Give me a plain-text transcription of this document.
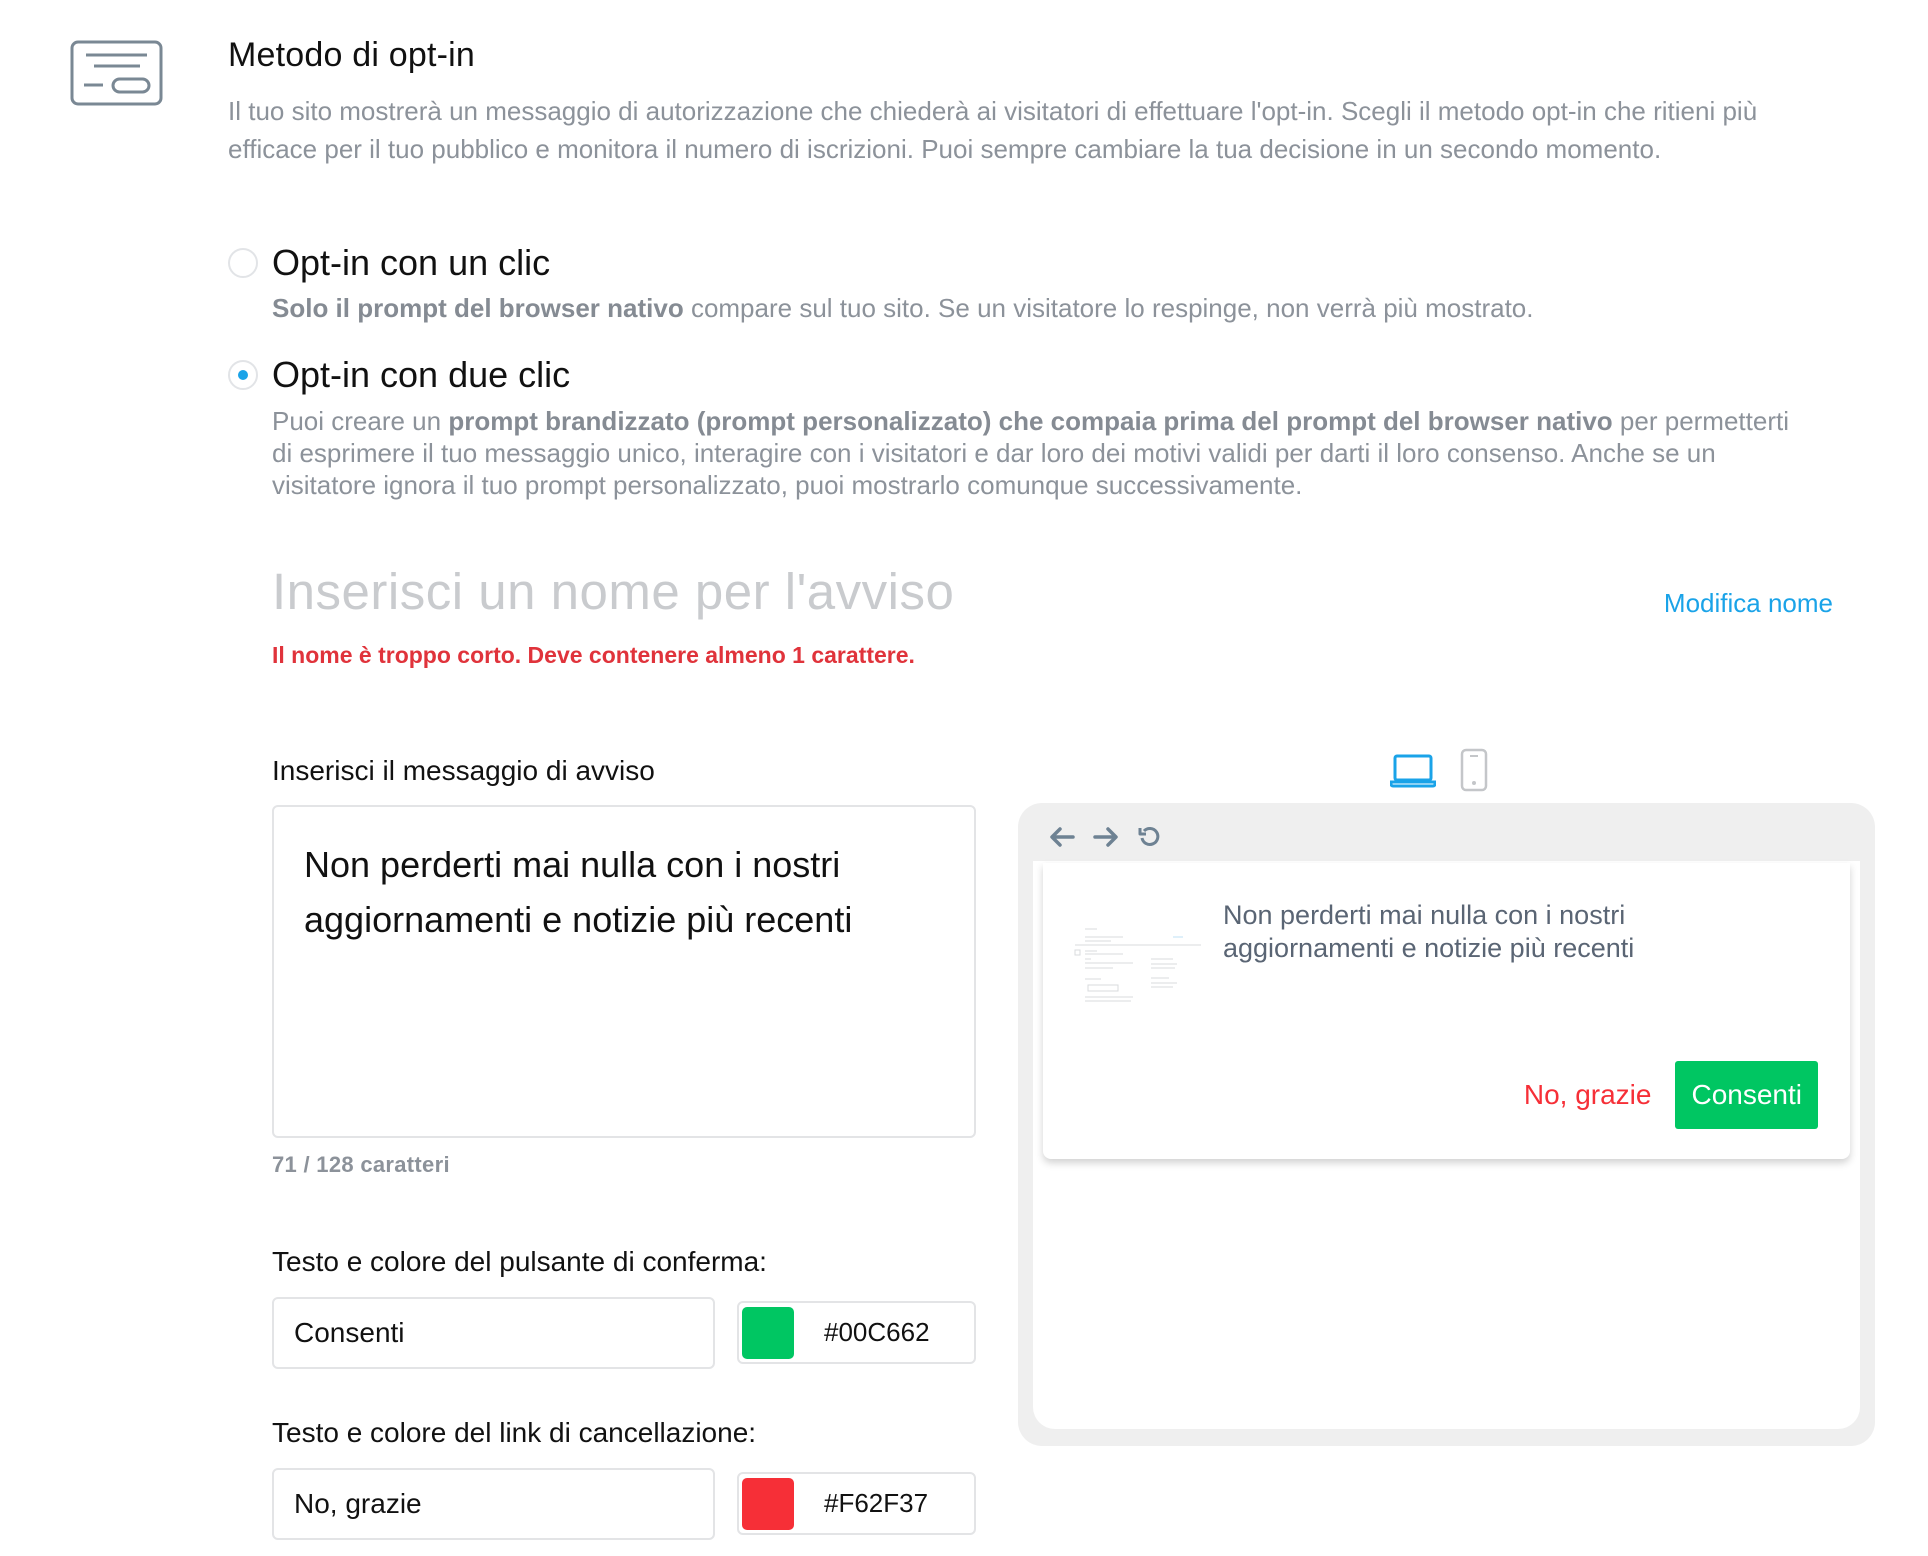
Metodo di opt-in
Il tuo sito mostrerà un messaggio di autorizzazione che chiederà ai visitatori di effettuare l'opt-in. Scegli il metodo opt-in che ritieni più efficace per il tuo pubblico e monitora il numero di iscrizioni. Puoi sempre cambiare la tua decisione in un secondo momento.
Opt-in con un clic
Solo il prompt del browser nativo compare sul tuo sito. Se un visitatore lo respinge, non verrà più mostrato.
Opt-in con due clic
Puoi creare un prompt brandizzato (prompt personalizzato) che compaia prima del prompt del browser nativo per permetterti di esprimere il tuo messaggio unico, interagire con i visitatori e dar loro dei motivi validi per darti il loro consenso. Anche se un visitatore ignora il tuo prompt personalizzato, puoi mostrarlo comunque successivamente.
Inserisci un nome per l'avviso	Modifica nome
Il nome è troppo corto. Deve contenere almeno 1 carattere.
Inserisci il messaggio di avviso
Non perderti mai nulla con i nostri aggiornamenti e notizie più recenti
71 / 128 caratteri
Testo e colore del pulsante di conferma:
Consenti	#00C662
Testo e colore del link di cancellazione:
No, grazie	#F62F37
Non perderti mai nulla con i nostri aggiornamenti e notizie più recenti
No, grazie	Consenti
